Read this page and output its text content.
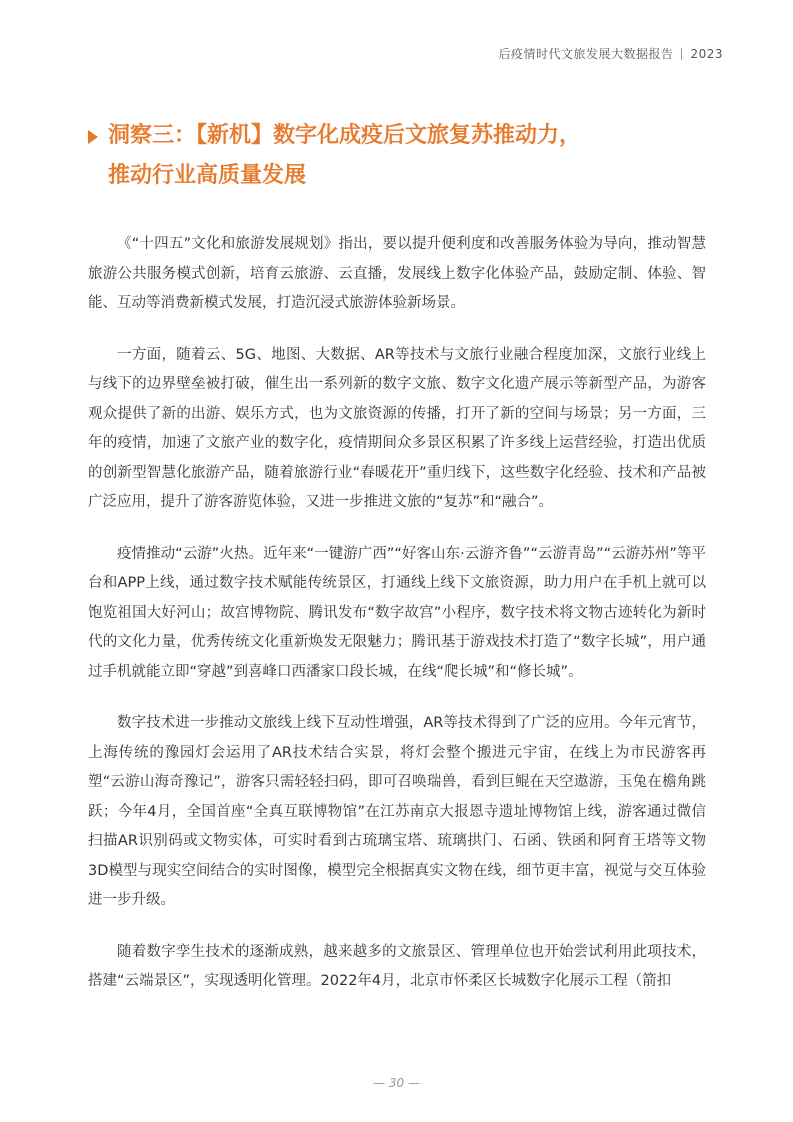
后疫情时代文旅发展大数据报告 2023
洞察三：【新机】数字化成疫后文旅复苏推动力，
推动行业高质量发展

《“十四五”文化和旅游发展规划》指出，要以提升便利度和改善服务体验为导向，推动智慧旅游公共服务模式创新，培育云旅游、云直播，发展线上数字化体验产品，鼓励定制、体验、智能、互动等消费新模式发展，打造沉浸式旅游体验新场景。

一方面，随着云、5G、地图、大数据、AR等技术与文旅行业融合程度加深，文旅行业线上与线下的边界壁垒被打破，催生出一系列新的数字文旅、数字文化遗产展示等新型产品，为游客观众提供了新的出游、娱乐方式，也为文旅资源的传播，打开了新的空间与场景；另一方面，三年的疫情，加速了文旅产业的数字化，疫情期间众多景区积累了许多线上运营经验，打造出优质的创新型智慧化旅游产品，随着旅游行业“春暖花开”重归线下，这些数字化经验、技术和产品被广泛应用，提升了游客游览体验，又进一步推进文旅的“复苏”和“融合”。

疫情推动“云游”火热。近年来“一键游广西”“好客山东·云游齐鲁”“云游青岛”“云游苏州”等平台和APP上线，通过数字技术赋能传统景区，打通线上线下文旅资源，助力用户在手机上就可以饱览祖国大好河山；故宫博物院、腾讯发布“数字故宫”小程序，数字技术将文物古迹转化为新时代的文化力量，优秀传统文化重新焕发无限魅力；腾讯基于游戏技术打造了“数字长城”，用户通过手机就能立即“穿越”到喜峰口西潘家口段长城，在线“爬长城”和“修长城”。

数字技术进一步推动文旅线上线下互动性增强，AR等技术得到了广泛的应用。今年元宵节，上海传统的豫园灯会运用了AR技术结合实景，将灯会整个搬进元宇宙，在线上为市民游客再塑“云游山海奇豫记”，游客只需轻轻扫码，即可召唤瑞兽，看到巨鲲在天空遨游，玉兔在檐角跳跃；今年4月，全国首座“全真互联博物馆”在江苏南京大报恩寺遗址博物馆上线，游客通过微信扫描AR识别码或文物实体，可实时看到古琉璃宝塔、琉璃拱门、石函、铁函和阿育王塔等文物3D模型与现实空间结合的实时图像，模型完全根据真实文物在线，细节更丰富，视觉与交互体验进一步升级。

随着数字孪生技术的逐渐成熟，越来越多的文旅景区、管理单位也开始尝试利用此项技术，搭建“云端景区”，实现透明化管理。2022年4月，北京市怀柔区长城数字化展示工程（箭扣

— 30 —
